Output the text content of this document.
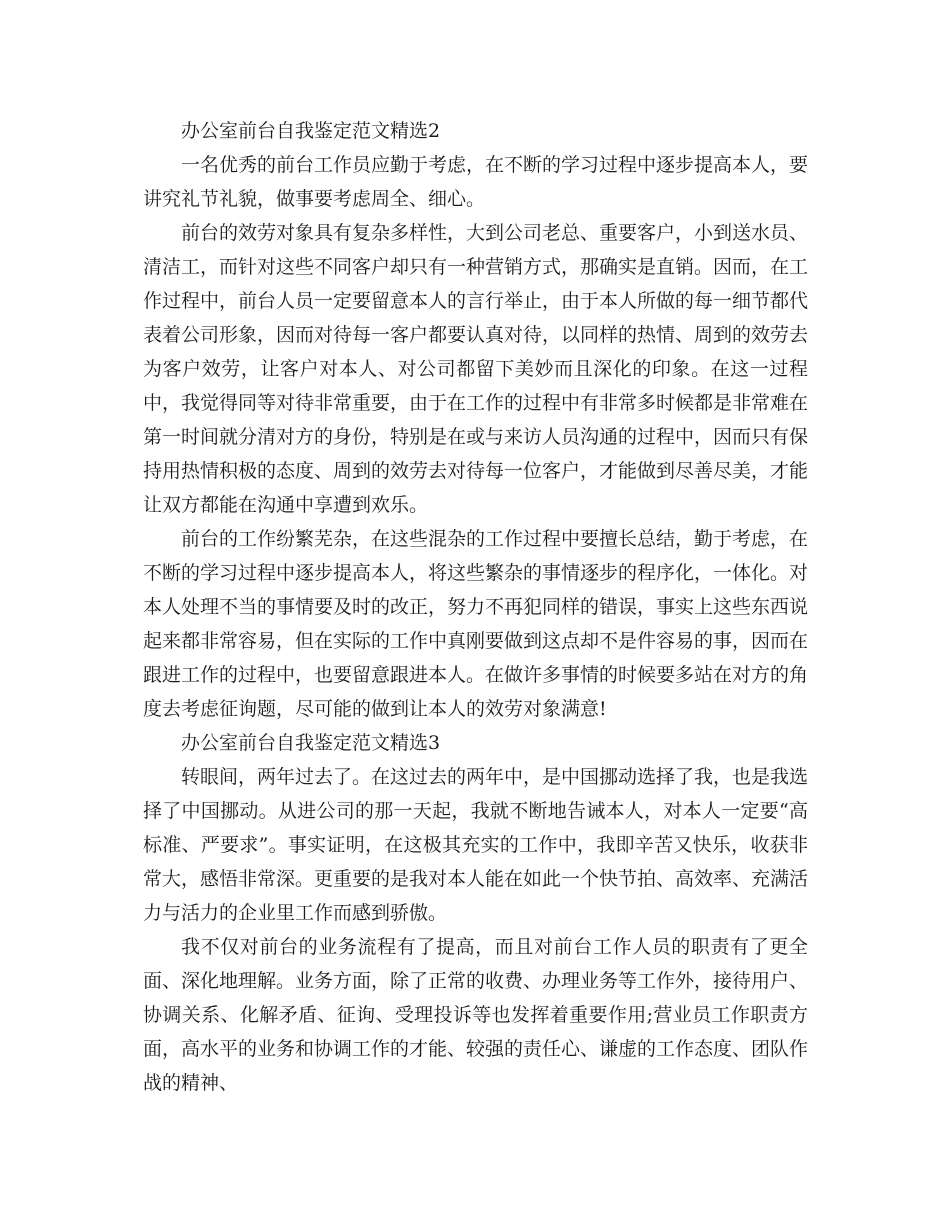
办公室前台自我鉴定范文精选2

一名优秀的前台工作员应勤于考虑，在不断的学习过程中逐步提高本人，要讲究礼节礼貌，做事要考虑周全、细心。

前台的效劳对象具有复杂多样性，大到公司老总、重要客户，小到送水员、清洁工，而针对这些不同客户却只有一种营销方式，那确实是直销。因而，在工作过程中，前台人员一定要留意本人的言行举止，由于本人所做的每一细节都代表着公司形象，因而对待每一客户都要认真对待，以同样的热情、周到的效劳去为客户效劳，让客户对本人、对公司都留下美妙而且深化的印象。在这一过程中，我觉得同等对待非常重要，由于在工作的过程中有非常多时候都是非常难在第一时间就分清对方的身份，特别是在或与来访人员沟通的过程中，因而只有保持用热情积极的态度、周到的效劳去对待每一位客户，才能做到尽善尽美，才能让双方都能在沟通中享遭到欢乐。

前台的工作纷繁芜杂，在这些混杂的工作过程中要擅长总结，勤于考虑，在不断的学习过程中逐步提高本人，将这些繁杂的事情逐步的程序化，一体化。对本人处理不当的事情要及时的改正，努力不再犯同样的错误，事实上这些东西说起来都非常容易，但在实际的工作中真刚要做到这点却不是件容易的事，因而在跟进工作的过程中，也要留意跟进本人。在做许多事情的时候要多站在对方的角度去考虑征询题，尽可能的做到让本人的效劳对象满意!

办公室前台自我鉴定范文精选3

转眼间，两年过去了。在这过去的两年中，是中国挪动选择了我，也是我选择了中国挪动。从进公司的那一天起，我就不断地告诫本人，对本人一定要“高标准、严要求”。事实证明，在这极其充实的工作中，我即辛苦又快乐，收获非常大，感悟非常深。更重要的是我对本人能在如此一个快节拍、高效率、充满活力与活力的企业里工作而感到骄傲。

我不仅对前台的业务流程有了提高，而且对前台工作人员的职责有了更全面、深化地理解。业务方面，除了正常的收费、办理业务等工作外，接待用户、协调关系、化解矛盾、征询、受理投诉等也发挥着重要作用;营业员工作职责方面，高水平的业务和协调工作的才能、较强的责任心、谦虚的工作态度、团队作战的精神、
